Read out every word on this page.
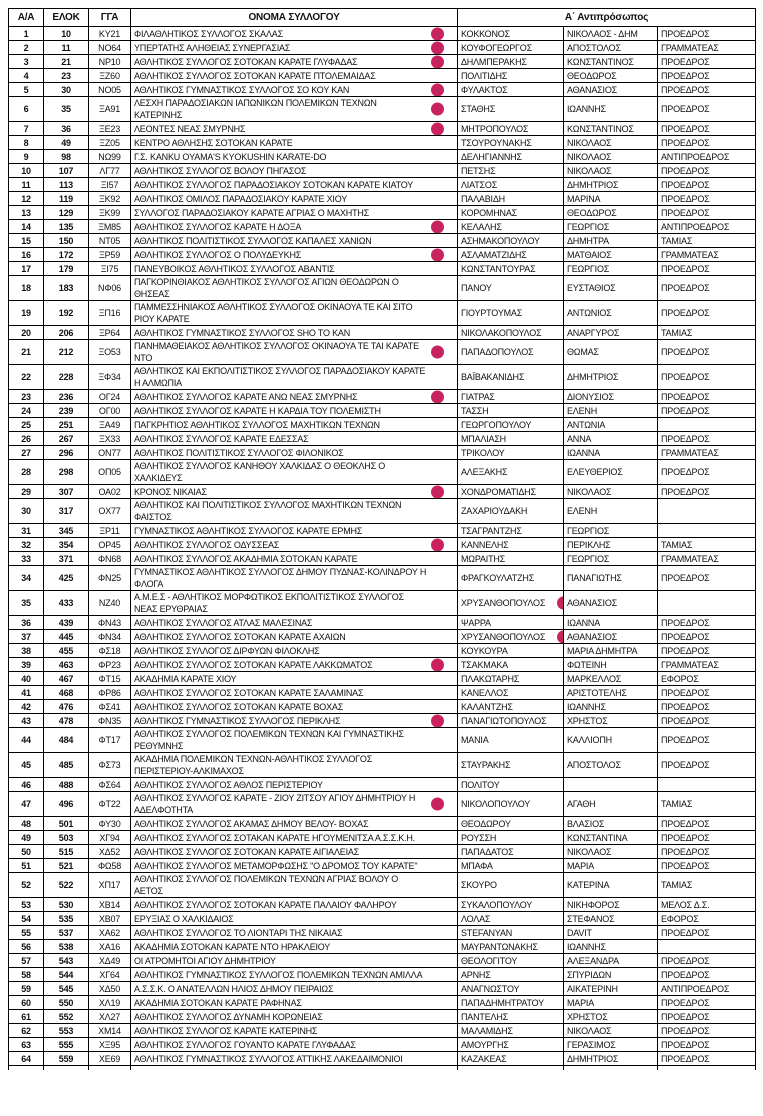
Α/Α	ΕΛΟΚ	ΓΓΑ	ΟΝΟΜΑ ΣΥΛΛΟΓΟΥ	Α΄ Αντιπρόσωπος		
1	10	ΚΥ21	ΦΙΛΑΘΛΗΤΙΚΟΣ ΣΥΛΛΟΓΟΣ ΣΚΑΛΑΣ	ΚΟΚΚΟΝΟΣ	ΝΙΚΟΛΑΟΣ - ΔΗΜ	ΠΡΟΕΔΡΟΣ
2	11	ΝΟ64	ΥΠΕΡΤΑΤΗΣ ΑΛΗΘΕΙΑΣ ΣΥΝΕΡΓΑΣΙΑΣ	ΚΟΥΦΟΓΕΩΡΓΟΣ	ΑΠΟΣΤΟΛΟΣ	ΓΡΑΜΜΑΤΕΑΣ
3	21	ΝΡ10	ΑΘΛΗΤΙΚΟΣ ΣΥΛΛΟΓΟΣ ΣΟΤΟΚΑΝ ΚΑΡΑΤΕ ΓΛΥΦΑΔΑΣ	ΔΗΛΜΠΕΡΑΚΗΣ	ΚΩΝΣΤΑΝΤΙΝΟΣ	ΠΡΟΕΔΡΟΣ
4	23	ΞΖ60	ΑΘΛΗΤΙΚΟΣ ΣΥΛΛΟΓΟΣ ΣΟΤΟΚΑΝ ΚΑΡΑΤΕ ΠΤΟΛΕΜΑΙΔΑΣ	ΠΟΛΙΤΙΔΗΣ	ΘΕΟΔΩΡΟΣ	ΠΡΟΕΔΡΟΣ
5	30	ΝΟ05	ΑΘΛΗΤΙΚΟΣ ΓΥΜΝΑΣΤΙΚΟΣ ΣΥΛΛΟΓΟΣ ΣΟ ΚΟΥ ΚΑΝ	ΦΥΛΑΚΤΟΣ	ΑΘΑΝΑΣΙΟΣ	ΠΡΟΕΔΡΟΣ
6	35	ΞΑ91	ΛΕΣΧΗ ΠΑΡΑΔΟΣΙΑΚΩΝ ΙΑΠΩΝΙΚΩΝ ΠΟΛΕΜΙΚΩΝ ΤΕΧΝΩΝ ΚΑΤΕΡΙΝΗΣ	ΣΤΑΘΗΣ	ΙΩΑΝΝΗΣ	ΠΡΟΕΔΡΟΣ
7	36	ΞΕ23	ΛΕΟΝΤΕΣ ΝΕΑΣ ΣΜΥΡΝΗΣ	ΜΗΤΡΟΠΟΥΛΟΣ	ΚΩΝΣΤΑΝΤΙΝΟΣ	ΠΡΟΕΔΡΟΣ
8	49	ΞΖ05	ΚΕΝΤΡΟ ΑΘΛΗΣΗΣ ΣΟΤΟΚΑΝ ΚΑΡΑΤΕ	ΤΣΟΥΡΟΥΝΑΚΗΣ	ΝΙΚΟΛΑΟΣ	ΠΡΟΕΔΡΟΣ
9	98	ΝΩ99	Γ.Σ. KANKU OYAMA'S KYOKUSHIN KARATE-DO	ΔΕΛΗΓΙΑΝΝΗΣ	ΝΙΚΟΛΑΟΣ	ΑΝΤΙΠΡΟΕΔΡΟΣ
10	107	ΛΓ77	ΑΘΛΗΤΙΚΟΣ ΣΥΛΛΟΓΟΣ ΒΟΛΟΥ ΠΗΓΑΣΟΣ	ΠΕΤΣΗΣ	ΝΙΚΟΛΑΟΣ	ΠΡΟΕΔΡΟΣ
11	113	ΞΙ57	ΑΘΛΗΤΙΚΟΣ ΣΥΛΛΟΓΟΣ ΠΑΡΑΔΟΣΙΑΚΟΥ ΣΟΤΟΚΑΝ ΚΑΡΑΤΕ ΚΙΑΤΟΥ	ΛΙΑΤΣΟΣ	ΔΗΜΗΤΡΙΟΣ	ΠΡΟΕΔΡΟΣ
12	119	ΞΚ92	ΑΘΛΗΤΙΚΟΣ ΟΜΙΛΟΣ ΠΑΡΑΔΟΣΙΑΚΟΥ ΚΑΡΑΤΕ ΧΙΟΥ	ΠΑΛΑΒΙΔΗ	ΜΑΡΙΝΑ	ΠΡΟΕΔΡΟΣ
13	129	ΞΚ99	ΣΥΛΛΟΓΟΣ ΠΑΡΑΔΟΣΙΑΚΟΥ ΚΑΡΑΤΕ ΑΓΡΙΑΣ Ο ΜΑΧΗΤΗΣ	ΚΟΡΟΜΗΝΑΣ	ΘΕΟΔΩΡΟΣ	ΠΡΟΕΔΡΟΣ
14	135	ΞΜ85	ΑΘΛΗΤΙΚΟΣ ΣΥΛΛΟΓΟΣ ΚΑΡΑΤΕ Η ΔΟΞΑ	ΚΕΛΑΛΗΣ	ΓΕΩΡΓΙΟΣ	ΑΝΤΙΠΡΟΕΔΡΟΣ
15	150	ΝΤ05	ΑΘΛΗΤΙΚΟΣ ΠΟΛΙΤΙΣΤΙΚΟΣ ΣΥΛΛΟΓΟΣ ΚΑΠΑΛΕΣ ΧΑΝΙΩΝ	ΑΣΗΜΑΚΟΠΟΥΛΟΥ	ΔΗΜΗΤΡΑ	ΤΑΜΙΑΣ
16	172	ΞΡ59	ΑΘΛΗΤΙΚΟΣ ΣΥΛΛΟΓΟΣ Ο ΠΟΛΥΔΕΥΚΗΣ	ΑΣΛΑΜΑΤΖΙΔΗΣ	ΜΑΤΘΑΙΟΣ	ΓΡΑΜΜΑΤΕΑΣ
17	179	ΞΙ75	ΠΑΝΕΥΒΟΙΚΟΣ ΑΘΛΗΤΙΚΟΣ ΣΥΛΛΟΓΟΣ ΑΒΑΝΤΙΣ	ΚΩΝΣΤΑΝΤΟΥΡΑΣ	ΓΕΩΡΓΙΟΣ	ΠΡΟΕΔΡΟΣ
18	183	ΝΦ06	ΠΑΓΚΟΡΙΝΘΙΑΚΟΣ ΑΘΛΗΤΙΚΟΣ ΣΥΛΛΟΓΟΣ ΑΓΙΩΝ ΘΕΟΔΩΡΩΝ Ο ΘΗΣΕΑΣ	ΠΑΝΟΥ	ΕΥΣΤΑΘΙΟΣ	ΠΡΟΕΔΡΟΣ
19	192	ΞΠ16	ΠΑΜΜΕΣΣΗΝΙΑΚΟΣ ΑΘΛΗΤΙΚΟΣ ΣΥΛΛΟΓΟΣ ΟΚΙΝΑΟΥΑ ΤΕ ΚΑΙ ΣΙΤΟ ΡΙΟΥ ΚΑΡΑΤΕ	ΓΙΟΥΡΤΟΥΜΑΣ	ΑΝΤΩΝΙΟΣ	ΠΡΟΕΔΡΟΣ
20	206	ΞΡ64	ΑΘΛΗΤΙΚΟΣ ΓΥΜΝΑΣΤΙΚΟΣ ΣΥΛΛΟΓΟΣ SHO TO KAN	ΝΙΚΟΛΑΚΟΠΟΥΛΟΣ	ΑΝΑΡΓΥΡΟΣ	ΤΑΜΙΑΣ
21	212	ΞΟ53	ΠΑΝΗΜΑΘΕΙΑΚΟΣ ΑΘΛΗΤΙΚΟΣ ΣΥΛΛΟΓΟΣ ΟΚΙΝΑΟΥΑ ΤΕ ΤΑΙ ΚΑΡΑΤΕ ΝΤΟ	ΠΑΠΑΔΟΠΟΥΛΟΣ	ΘΩΜΑΣ	ΠΡΟΕΔΡΟΣ
22	228	ΞΦ34	ΑΘΛΗΤΙΚΟΣ ΚΑΙ ΕΚΠΟΛΙΤΙΣΤΙΚΟΣ ΣΥΛΛΟΓΟΣ ΠΑΡΑΔΟΣΙΑΚΟΥ ΚΑΡΑΤΕ Η ΑΛΜΩΠΙΑ	ΒΑΪΒΑΚΑΝΙΔΗΣ	ΔΗΜΗΤΡΙΟΣ	ΠΡΟΕΔΡΟΣ
23	236	ΟΓ24	ΑΘΛΗΤΙΚΟΣ ΣΥΛΛΟΓΟΣ ΚΑΡΑΤΕ ΑΝΩ ΝΕΑΣ ΣΜΥΡΝΗΣ	ΓΙΑΤΡΑΣ	ΔΙΟΝΥΣΙΟΣ	ΠΡΟΕΔΡΟΣ
24	239	ΟΓ00	ΑΘΛΗΤΙΚΟΣ ΣΥΛΛΟΓΟΣ ΚΑΡΑΤΕ Η ΚΑΡΔΙΑ ΤΟΥ ΠΟΛΕΜΙΣΤΗ	ΤΑΣΣΗ	ΕΛΕΝΗ	ΠΡΟΕΔΡΟΣ
25	251	ΞΑ49	ΠΑΓΚΡΗΤΙΟΣ ΑΘΛΗΤΙΚΟΣ ΣΥΛΛΟΓΟΣ ΜΑΧΗΤΙΚΩΝ ΤΕΧΝΩΝ	ΓΕΩΡΓΟΠΟΥΛΟΥ	ΑΝΤΩΝΙΑ	
26	267	ΞΧ33	ΑΘΛΗΤΙΚΟΣ ΣΥΛΛΟΓΟΣ ΚΑΡΑΤΕ ΕΔΕΣΣΑΣ	ΜΠΑΛΙΑΣΗ	ΑΝΝΑ	ΠΡΟΕΔΡΟΣ
27	296	ΟΝ77	ΑΘΛΗΤΙΚΟΣ ΠΟΛΙΤΙΣΤΙΚΟΣ ΣΥΛΛΟΓΟΣ ΦΙΛΟΝΙΚΟΣ	ΤΡΙΚΟΛΟΥ	ΙΩΑΝΝΑ	ΓΡΑΜΜΑΤΕΑΣ
28	298	ΟΠ05	ΑΘΛΗΤΙΚΟΣ ΣΥΛΛΟΓΟΣ ΚΑΝΗΘΟΥ ΧΑΛΚΙΔΑΣ Ο ΘΕΟΚΛΗΣ Ο ΧΑΛΚΙΔΕΥΣ	ΑΛΕΞΑΚΗΣ	ΕΛΕΥΘΕΡΙΟΣ	ΠΡΟΕΔΡΟΣ
29	307	ΟΑ02	ΚΡΟΝΟΣ ΝΙΚΑΙΑΣ	ΧΟΝΔΡΟΜΑΤΙΔΗΣ	ΝΙΚΟΛΑΟΣ	ΠΡΟΕΔΡΟΣ
30	317	ΟΧ77	ΑΘΛΗΤΙΚΟΣ ΚΑΙ ΠΟΛΙΤΙΣΤΙΚΟΣ ΣΥΛΛΟΓΟΣ ΜΑΧΗΤΙΚΩΝ ΤΕΧΝΩΝ ΦΑΙΣΤΟΣ	ΖΑΧΑΡΙΟΥΔΑΚΗ	ΕΛΕΝΗ	
31	345	ΞΡ11	ΓΥΜΝΑΣΤΙΚΟΣ ΑΘΛΗΤΙΚΟΣ ΣΥΛΛΟΓΟΣ ΚΑΡΑΤΕ ΕΡΜΗΣ	ΤΣΑΓΡΑΝΤΖΗΣ	ΓΕΩΡΓΙΟΣ	
32	354	ΟΡ45	ΑΘΛΗΤΙΚΟΣ ΣΥΛΛΟΓΟΣ ΟΔΥΣΣΕΑΣ	ΚΑΝΝΕΛΗΣ	ΠΕΡΙΚΛΗΣ	ΤΑΜΙΑΣ
33	371	ΦΝ68	ΑΘΛΗΤΙΚΟΣ ΣΥΛΛΟΓΟΣ ΑΚΑΔΗΜΙΑ ΣΟΤΟΚΑΝ ΚΑΡΑΤΕ	ΜΩΡΑΙΤΗΣ	ΓΕΩΡΓΙΟΣ	ΓΡΑΜΜΑΤΕΑΣ
34	425	ΦΝ25	ΓΥΜΝΑΣΤΙΚΟΣ ΑΘΛΗΤΙΚΟΣ ΣΥΛΛΟΓΟΣ ΔΗΜΟΥ ΠΥΔΝΑΣ-ΚΟΛΙΝΔΡΟΥ Η ΦΛΟΓΑ	ΦΡΑΓΚΟΥΛΑΤΖΗΣ	ΠΑΝΑΓΙΩΤΗΣ	ΠΡΟΕΔΡΟΣ
35	433	ΝΖ40	Α.Μ.Ε.Σ - ΑΘΛΗΤΙΚΟΣ ΜΟΡΦΩΤΙΚΟΣ ΕΚΠΟΛΙΤΙΣΤΙΚΟΣ ΣΥΛΛΟΓΟΣ ΝΕΑΣ ΕΡΥΘΡΑΙΑΣ	ΧΡΥΣΑΝΘΟΠΟΥΛΟΣ	ΑΘΑΝΑΣΙΟΣ	
36	439	ΦΝ43	ΑΘΛΗΤΙΚΟΣ ΣΥΛΛΟΓΟΣ ΑΤΛΑΣ ΜΑΛΕΣΙΝΑΣ	ΨΑΡΡΑ	ΙΩΑΝΝΑ	ΠΡΟΕΔΡΟΣ
37	445	ΦΝ34	ΑΘΛΗΤΙΚΟΣ ΣΥΛΛΟΓΟΣ ΣΟΤΟΚΑΝ ΚΑΡΑΤΕ ΑΧΑΙΩΝ	ΧΡΥΣΑΝΘΟΠΟΥΛΟΣ	ΑΘΑΝΑΣΙΟΣ	ΠΡΟΕΔΡΟΣ
38	455	ΦΣ18	ΑΘΛΗΤΙΚΟΣ ΣΥΛΛΟΓΟΣ ΔΙΡΦΥΩΝ ΦΙΛΟΚΛΗΣ	ΚΟΥΚΟΥΡΑ	ΜΑΡΙΑ ΔΗΜΗΤΡΑ	ΠΡΟΕΔΡΟΣ
39	463	ΦΡ23	ΑΘΛΗΤΙΚΟΣ ΣΥΛΛΟΓΟΣ ΣΟΤΟΚΑΝ ΚΑΡΑΤΕ ΛΑΚΚΩΜΑΤΟΣ	ΤΣΑΚΜΑΚΑ	ΦΩΤΕΙΝΗ	ΓΡΑΜΜΑΤΕΑΣ
40	467	ΦΤ15	ΑΚΑΔΗΜΙΑ ΚΑΡΑΤΕ ΧΙΟΥ	ΠΛΑΚΩΤΑΡΗΣ	ΜΑΡΚΕΛΛΟΣ	ΕΦΟΡΟΣ
41	468	ΦΡ86	ΑΘΛΗΤΙΚΟΣ ΣΥΛΛΟΓΟΣ ΣΟΤΟΚΑΝ ΚΑΡΑΤΕ ΣΑΛΑΜΙΝΑΣ	ΚΑΝΕΛΛΟΣ	ΑΡΙΣΤΟΤΕΛΗΣ	ΠΡΟΕΔΡΟΣ
42	476	ΦΣ41	ΑΘΛΗΤΙΚΟΣ ΣΥΛΛΟΓΟΣ ΣΟΤΟΚΑΝ ΚΑΡΑΤΕ ΒΟΧΑΣ	ΚΑΛΑΝΤΖΗΣ	ΙΩΑΝΝΗΣ	ΠΡΟΕΔΡΟΣ
43	478	ΦΝ35	ΑΘΛΗΤΙΚΟΣ ΓΥΜΝΑΣΤΙΚΟΣ ΣΥΛΛΟΓΟΣ ΠΕΡΙΚΛΗΣ	ΠΑΝΑΓΙΩΤΟΠΟΥΛΟΣ	ΧΡΗΣΤΟΣ	ΠΡΟΕΔΡΟΣ
44	484	ΦΤ17	ΑΘΛΗΤΙΚΟΣ ΣΥΛΛΟΓΟΣ ΠΟΛΕΜΙΚΩΝ ΤΕΧΝΩΝ ΚΑΙ ΓΥΜΝΑΣΤΙΚΗΣ ΡΕΘΥΜΝΗΣ	ΜΑΝΙΑ	ΚΑΛΛΙΟΠΗ	ΠΡΟΕΔΡΟΣ
45	485	ΦΣ73	ΑΚΑΔΗΜΙΑ ΠΟΛΕΜΙΚΩΝ ΤΕΧΝΩΝ-ΑΘΛΗΤΙΚΟΣ ΣΥΛΛΟΓΟΣ ΠΕΡΙΣΤΕΡΙΟΥ-ΑΛΚΙΜΑΧΟΣ	ΣΤΑΥΡΑΚΗΣ	ΑΠΟΣΤΟΛΟΣ	ΠΡΟΕΔΡΟΣ
46	488	ΦΣ64	ΑΘΛΗΤΙΚΟΣ ΣΥΛΛΟΓΟΣ ΑΘΛΟΣ ΠΕΡΙΣΤΕΡΙΟΥ	ΠΟΛΙΤΟΥ		
47	496	ΦΤ22	ΑΘΛΗΤΙΚΟΣ ΣΥΛΛΟΓΟΣ ΚΑΡΑΤΕ - ΖΙΟΥ ΖΙΤΣΟΥ ΑΓΙΟΥ ΔΗΜΗΤΡΙΟΥ Η ΑΔΕΛΦΟΤΗΤΑ	ΝΙΚΟΛΟΠΟΥΛΟΥ	ΑΓΑΘΗ	ΤΑΜΙΑΣ
48	501	ΦΥ30	ΑΘΛΗΤΙΚΟΣ ΣΥΛΛΟΓΟΣ ΑΚΑΜΑΣ ΔΗΜΟΥ ΒΕΛΟΥ- ΒΟΧΑΣ	ΘΕΟΔΩΡΟΥ	ΒΛΑΣΙΟΣ	ΠΡΟΕΔΡΟΣ
49	503	ΧΓ94	ΑΘΛΗΤΙΚΟΣ ΣΥΛΛΟΓΟΣ ΣΟΤΑΚΑΝ ΚΑΡΑΤΕ ΗΓΟΥΜΕΝΙΤΣΑ Α.Σ.Σ.Κ.Η.	ΡΟΥΣΣΗ	ΚΩΝΣΤΑΝΤΙΝΑ	ΠΡΟΕΔΡΟΣ
50	515	ΧΔ52	ΑΘΛΗΤΙΚΟΣ ΣΥΛΛΟΓΟΣ ΣΟΤΟΚΑΝ ΚΑΡΑΤΕ ΑΙΓΙΑΛΕΙΑΣ	ΠΑΠΑΔΑΤΟΣ	ΝΙΚΟΛΑΟΣ	ΠΡΟΕΔΡΟΣ
51	521	ΦΩ58	ΑΘΛΗΤΙΚΟΣ ΣΥΛΛΟΓΟΣ ΜΕΤΑΜΟΡΦΩΣΗΣ "Ο ΔΡΟΜΟΣ ΤΟΥ ΚΑΡΑΤΕ"	ΜΠΑΦΑ	ΜΑΡΙΑ	ΠΡΟΕΔΡΟΣ
52	522	ΧΠ17	ΑΘΛΗΤΙΚΟΣ ΣΥΛΛΟΓΟΣ ΠΟΛΕΜΙΚΩΝ ΤΕΧΝΩΝ ΑΓΡΙΑΣ ΒΟΛΟΥ Ο ΑΕΤΟΣ	ΣΚΟΥΡΟ	ΚΑΤΕΡΙΝΑ	ΤΑΜΙΑΣ
53	530	ΧΒ14	ΑΘΛΗΤΙΚΟΣ ΣΥΛΛΟΓΟΣ ΣΟΤΟΚΑΝ ΚΑΡΑΤΕ ΠΑΛΑΙΟΥ ΦΑΛΗΡΟΥ	ΣΥΚΑΛΟΠΟΥΛΟΥ	ΝΙΚΗΦΟΡΟΣ	ΜΕΛΟΣ Δ.Σ.
54	535	ΧΒ07	ΕΡΥΞΙΑΣ Ο ΧΑΛΚΙΔΑΙΟΣ	ΛΟΛΑΣ	ΣΤΕΦΑΝΟΣ	ΕΦΟΡΟΣ
55	537	ΧΑ62	ΑΘΛΗΤΙΚΟΣ ΣΥΛΛΟΓΟΣ ΤΟ ΛΙΟΝΤΑΡΙ ΤΗΣ ΝΙΚΑΙΑΣ	STEFANYAN	DAVIT	ΠΡΟΕΔΡΟΣ
56	538	ΧΑ16	ΑΚΑΔΗΜΙΑ ΣΟΤΟΚΑΝ ΚΑΡΑΤΕ ΝΤΟ ΗΡΑΚΛΕΙΟΥ	ΜΑΥΡΑΝΤΩΝΑΚΗΣ	ΙΩΑΝΝΗΣ	
57	543	ΧΔ49	ΟΙ ΑΤΡΟΜΗΤΟΙ ΑΓΙΟΥ ΔΗΜΗΤΡΙΟΥ	ΘΕΟΛΟΓΙΤΟΥ	ΑΛΕΞΑΝΔΡΑ	ΠΡΟΕΔΡΟΣ
58	544	ΧΓ64	ΑΘΛΗΤΙΚΟΣ ΓΥΜΝΑΣΤΙΚΟΣ ΣΥΛΛΟΓΟΣ ΠΟΛΕΜΙΚΩΝ ΤΕΧΝΩΝ ΑΜΙΛΛΑ	ΑΡΝΗΣ	ΣΠΥΡΙΔΩΝ	ΠΡΟΕΔΡΟΣ
59	545	ΧΔ50	Α.Σ.Σ.Κ. Ο ΑΝΑΤΕΛΛΩΝ ΗΛΙΟΣ ΔΗΜΟΥ ΠΕΙΡΑΙΩΣ	ΑΝΑΓΝΩΣΤΟΥ	ΑΙΚΑΤΕΡΙΝΗ	ΑΝΤΙΠΡΟΕΔΡΟΣ
60	550	ΧΛ19	ΑΚΑΔΗΜΙΑ ΣΟΤΟΚΑΝ ΚΑΡΑΤΕ ΡΑΦΗΝΑΣ	ΠΑΠΑΔΗΜΗΤΡΑΤΟΥ	ΜΑΡΙΑ	ΠΡΟΕΔΡΟΣ
61	552	ΧΛ27	ΑΘΛΗΤΙΚΟΣ ΣΥΛΛΟΓΟΣ ΔΥΝΑΜΗ ΚΟΡΩΝΕΙΑΣ	ΠΑΝΤΕΛΗΣ	ΧΡΗΣΤΟΣ	ΠΡΟΕΔΡΟΣ
62	553	ΧΜ14	ΑΘΛΗΤΙΚΟΣ ΣΥΛΛΟΓΟΣ ΚΑΡΑΤΕ ΚΑΤΕΡΙΝΗΣ	ΜΑΛΑΜΙΔΗΣ	ΝΙΚΟΛΑΟΣ	ΠΡΟΕΔΡΟΣ
63	555	ΧΞ95	ΑΘΛΗΤΙΚΟΣ ΣΥΛΛΟΓΟΣ ΓΟΥΑΝΤΟ ΚΑΡΑΤΕ ΓΛΥΦΑΔΑΣ	ΑΜΟΥΡΓΗΣ	ΓΕΡΑΣΙΜΟΣ	ΠΡΟΕΔΡΟΣ
64	559	ΧΕ69	ΑΘΛΗΤΙΚΟΣ ΓΥΜΝΑΣΤΙΚΟΣ ΣΥΛΛΟΓΟΣ ΑΤΤΙΚΗΣ ΛΑΚΕΔΑΙΜΟΝΙΟΙ	ΚΑΖΑΚΕΑΣ	ΔΗΜΗΤΡΙΟΣ	ΠΡΟΕΔΡΟΣ
